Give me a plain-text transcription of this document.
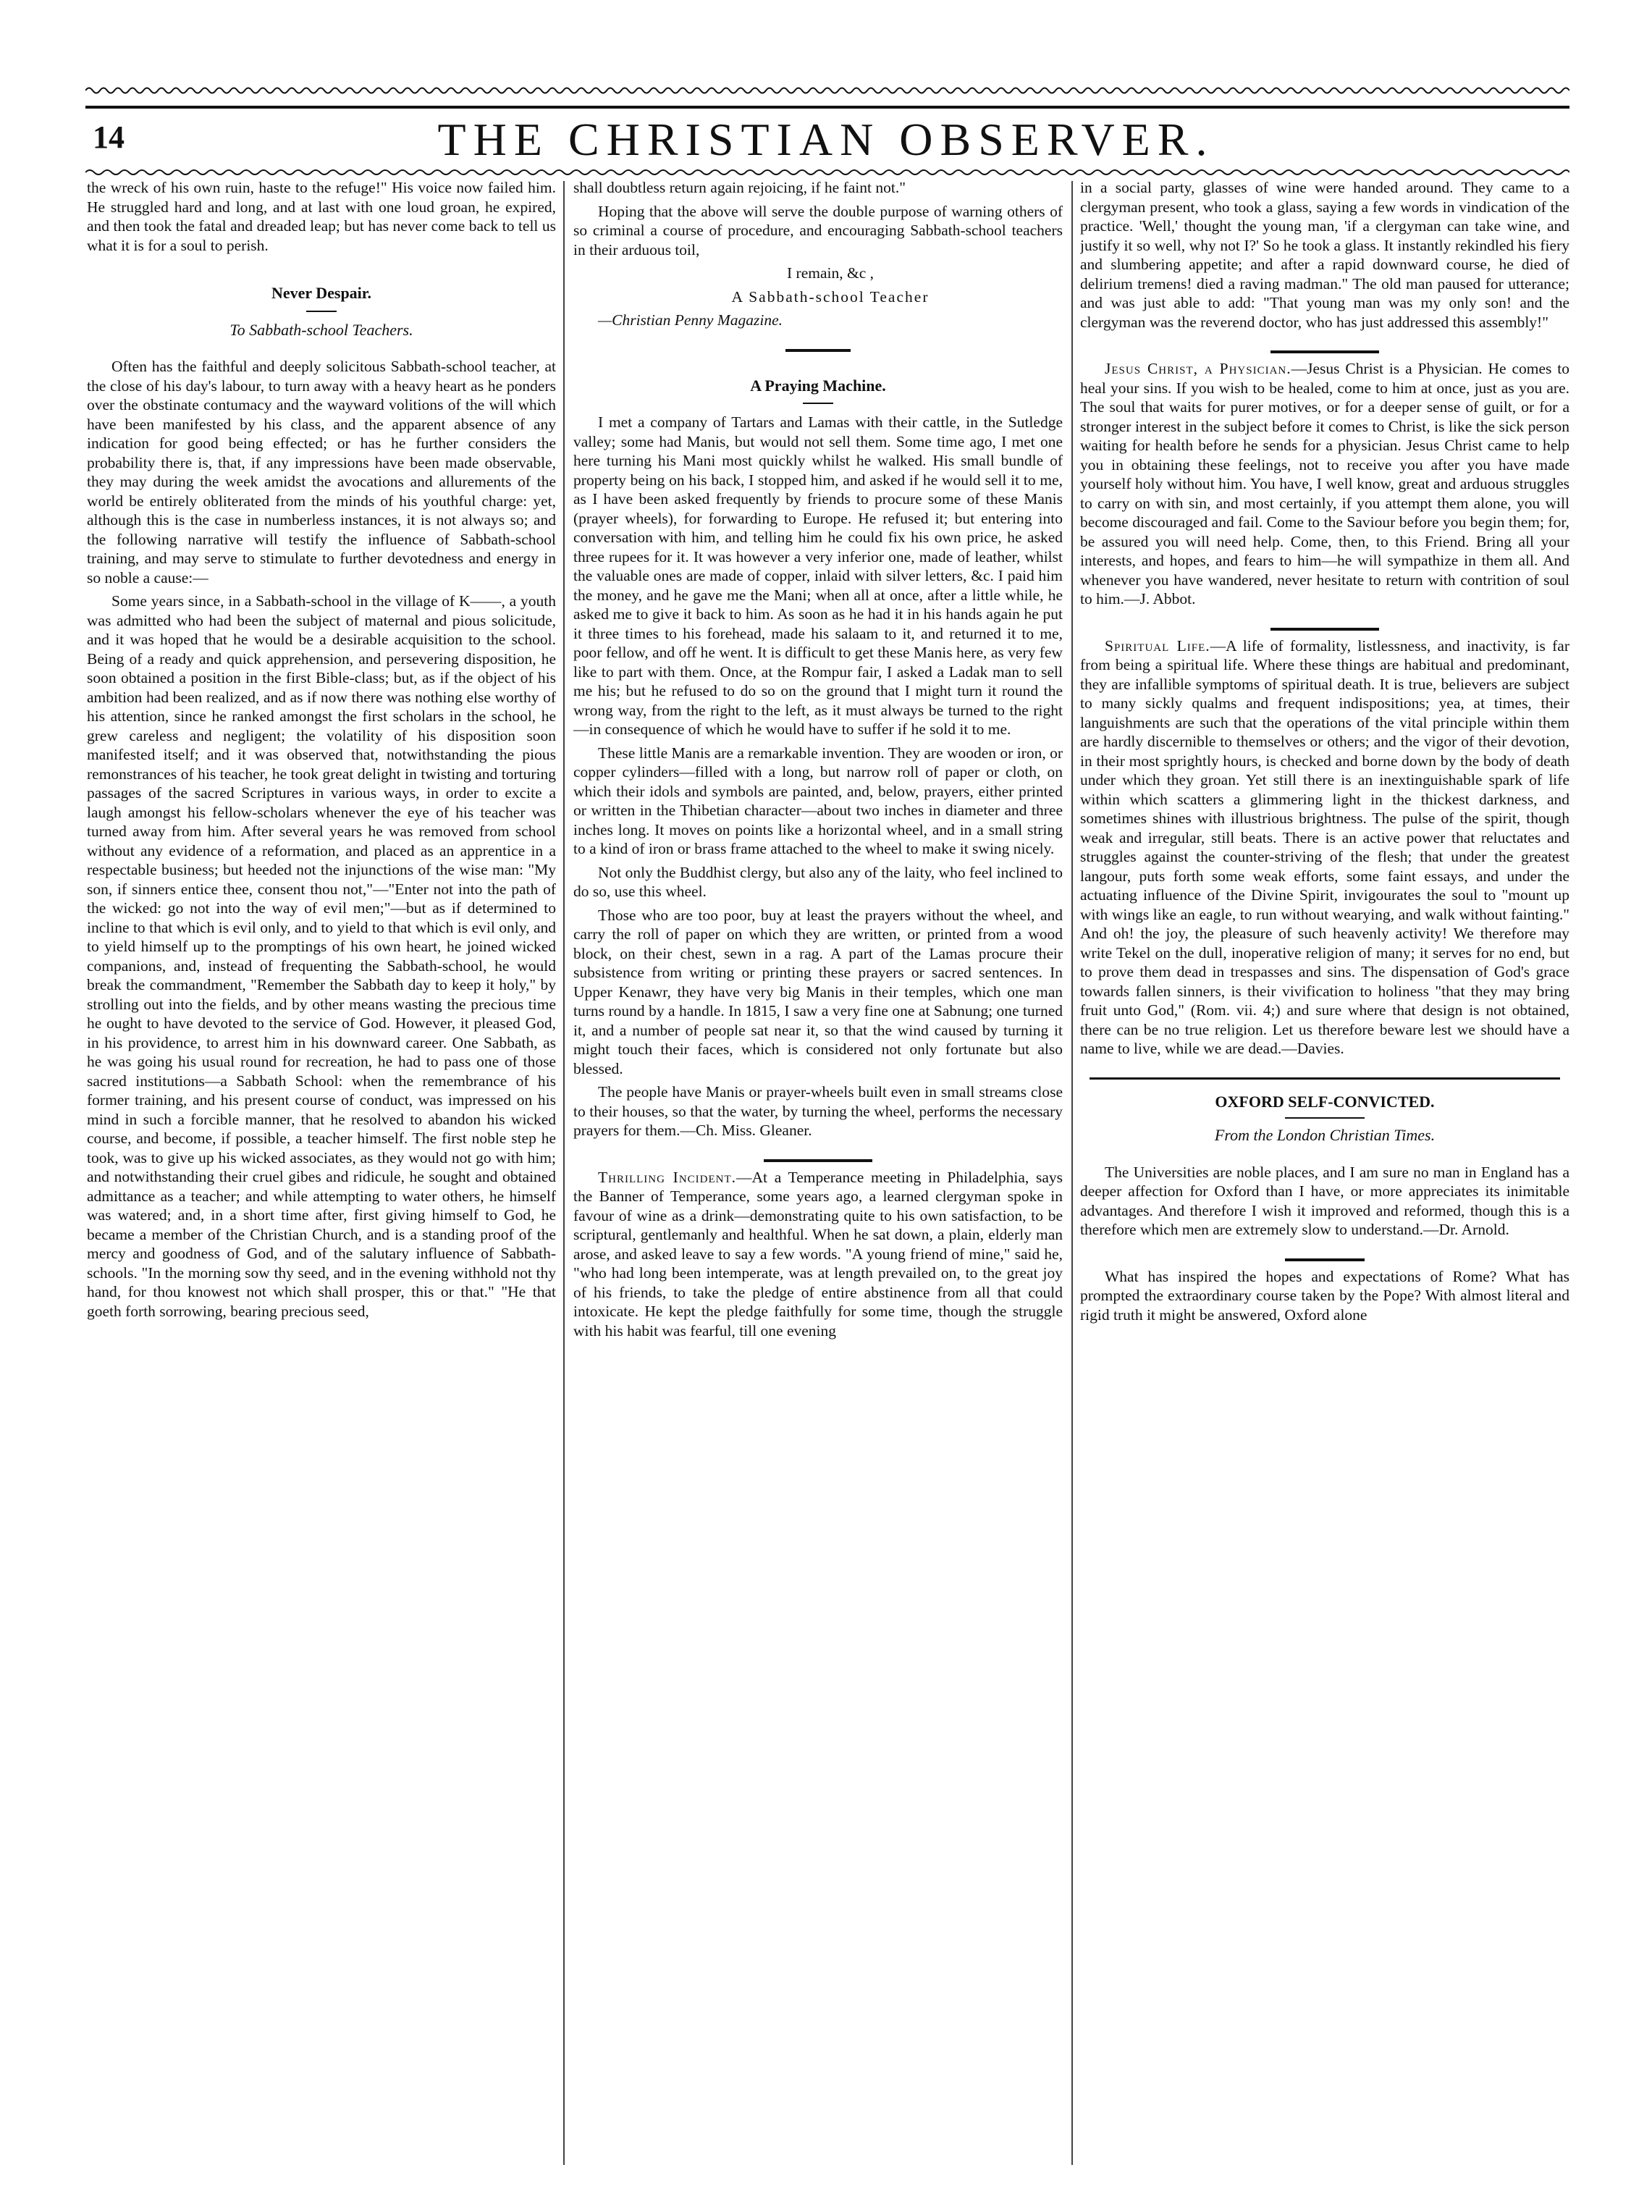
14	THE CHRISTIAN OBSERVER.

the wreck of his own ruin, haste to the refuge!" His voice now failed him. He struggled hard and long, and at last with one loud groan, he expired, and then took the fatal and dreaded leap; but has never come back to tell us what it is for a soul to perish.

Never Despair.
To Sabbath-school Teachers.

Often has the faithful and deeply solicitous Sabbath-school teacher, at the close of his day's labour, to turn away with a heavy heart as he ponders over the obstinate contumacy and the wayward volitions of the will which have been manifested by his class, and the apparent absence of any indication for good being effected; or has he further considers the probability there is, that, if any impressions have been made observable, they may during the week amidst the avocations and allurements of the world be entirely obliterated from the minds of his youthful charge: yet, although this is the case in numberless instances, it is not always so; and the following narrative will testify the influence of Sabbath-school training, and may serve to stimulate to further devotedness and energy in so noble a cause:—

Some years since, in a Sabbath-school in the village of K——, a youth was admitted who had been the subject of maternal and pious solicitude, and it was hoped that he would be a desirable acquisition to the school. Being of a ready and quick apprehension, and persevering disposition, he soon obtained a position in the first Bible-class; but, as if the object of his ambition had been realized, and as if now there was nothing else worthy of his attention, since he ranked amongst the first scholars in the school, he grew careless and negligent; the volatility of his disposition soon manifested itself; and it was observed that, notwithstanding the pious remonstrances of his teacher, he took great delight in twisting and torturing passages of the sacred Scriptures in various ways, in order to excite a laugh amongst his fellow-scholars whenever the eye of his teacher was turned away from him. After several years he was removed from school without any evidence of a reformation, and placed as an apprentice in a respectable business; but heeded not the injunctions of the wise man: "My son, if sinners entice thee, consent thou not,"—"Enter not into the path of the wicked: go not into the way of evil men;"—but as if determined to incline to that which is evil only, and to yield to that which is evil only, and to yield himself up to the promptings of his own heart, he joined wicked companions, and, instead of frequenting the Sabbath-school, he would break the commandment, "Remember the Sabbath day to keep it holy," by strolling out into the fields, and by other means wasting the precious time he ought to have devoted to the service of God. However, it pleased God, in his providence, to arrest him in his downward career. One Sabbath, as he was going his usual round for recreation, he had to pass one of those sacred institutions—a Sabbath School: when the remembrance of his former training, and his present course of conduct, was impressed on his mind in such a forcible manner, that he resolved to abandon his wicked course, and become, if possible, a teacher himself. The first noble step he took, was to give up his wicked associates, as they would not go with him; and notwithstanding their cruel gibes and ridicule, he sought and obtained admittance as a teacher; and while attempting to water others, he himself was watered; and, in a short time after, first giving himself to God, he became a member of the Christian Church, and is a standing proof of the mercy and goodness of God, and of the salutary influence of Sabbath-schools. "In the morning sow thy seed, and in the evening withhold not thy hand, for thou knowest not which shall prosper, this or that." "He that goeth forth sorrowing, bearing precious seed,

shall doubtless return again rejoicing, if he faint not."

Hoping that the above will serve the double purpose of warning others of so criminal a course of procedure, and encouraging Sabbath-school teachers in their arduous toil,

I remain, &c ,

A Sabbath-school Teacher

—Christian Penny Magazine.

A Praying Machine.

I met a company of Tartars and Lamas with their cattle, in the Sutledge valley; some had Manis, but would not sell them. Some time ago, I met one here turning his Mani most quickly whilst he walked. His small bundle of property being on his back, I stopped him, and asked if he would sell it to me, as I have been asked frequently by friends to procure some of these Manis (prayer wheels), for forwarding to Europe. He refused it; but entering into conversation with him, and telling him he could fix his own price, he asked three rupees for it. It was however a very inferior one, made of leather, whilst the valuable ones are made of copper, inlaid with silver letters, &c. I paid him the money, and he gave me the Mani; when all at once, after a little while, he asked me to give it back to him. As soon as he had it in his hands again he put it three times to his forehead, made his salaam to it, and returned it to me, poor fellow, and off he went. It is difficult to get these Manis here, as very few like to part with them. Once, at the Rompur fair, I asked a Ladak man to sell me his; but he refused to do so on the ground that I might turn it round the wrong way, from the right to the left, as it must always be turned to the right—in consequence of which he would have to suffer if he sold it to me.

These little Manis are a remarkable invention. They are wooden or iron, or copper cylinders—filled with a long, but narrow roll of paper or cloth, on which their idols and symbols are painted, and, below, prayers, either printed or written in the Thibetian character—about two inches in diameter and three inches long. It moves on points like a horizontal wheel, and in a small string to a kind of iron or brass frame attached to the wheel to make it swing nicely.

Not only the Buddhist clergy, but also any of the laity, who feel inclined to do so, use this wheel.

Those who are too poor, buy at least the prayers without the wheel, and carry the roll of paper on which they are written, or printed from a wood block, on their chest, sewn in a rag. A part of the Lamas procure their subsistence from writing or printing these prayers or sacred sentences. In Upper Kenawr, they have very big Manis in their temples, which one man turns round by a handle. In 1815, I saw a very fine one at Sabnung; one turned it, and a number of people sat near it, so that the wind caused by turning it might touch their faces, which is considered not only fortunate but also blessed.

The people have Manis or prayer-wheels built even in small streams close to their houses, so that the water, by turning the wheel, performs the necessary prayers for them.—Ch. Miss. Gleaner.

Thrilling Incident.—At a Temperance meeting in Philadelphia, says the Banner of Temperance, some years ago, a learned clergyman spoke in favour of wine as a drink—demonstrating quite to his own satisfaction, to be scriptural, gentlemanly and healthful. When he sat down, a plain, elderly man arose, and asked leave to say a few words. "A young friend of mine," said he, "who had long been intemperate, was at length prevailed on, to the great joy of his friends, to take the pledge of entire abstinence from all that could intoxicate. He kept the pledge faithfully for some time, though the struggle with his habit was fearful, till one evening

in a social party, glasses of wine were handed around. They came to a clergyman present, who took a glass, saying a few words in vindication of the practice. 'Well,' thought the young man, 'if a clergyman can take wine, and justify it so well, why not I?' So he took a glass. It instantly rekindled his fiery and slumbering appetite; and after a rapid downward course, he died of delirium tremens! died a raving madman." The old man paused for utterance; and was just able to add: "That young man was my only son! and the clergyman was the reverend doctor, who has just addressed this assembly!"

Jesus Christ, a Physician.—Jesus Christ is a Physician. He comes to heal your sins. If you wish to be healed, come to him at once, just as you are. The soul that waits for purer motives, or for a deeper sense of guilt, or for a stronger interest in the subject before it comes to Christ, is like the sick person waiting for health before he sends for a physician. Jesus Christ came to help you in obtaining these feelings, not to receive you after you have made yourself holy without him. You have, I well know, great and arduous struggles to carry on with sin, and most certainly, if you attempt them alone, you will become discouraged and fail. Come to the Saviour before you begin them; for, be assured you will need help. Come, then, to this Friend. Bring all your interests, and hopes, and fears to him—he will sympathize in them all. And whenever you have wandered, never hesitate to return with contrition of soul to him.—J. Abbot.

Spiritual Life.—A life of formality, listlessness, and inactivity, is far from being a spiritual life. Where these things are habitual and predominant, they are infallible symptoms of spiritual death. It is true, believers are subject to many sickly qualms and frequent indispositions; yea, at times, their languishments are such that the operations of the vital principle within them are hardly discernible to themselves or others; and the vigor of their devotion, in their most sprightly hours, is checked and borne down by the body of death under which they groan. Yet still there is an inextinguishable spark of life within which scatters a glimmering light in the thickest darkness, and sometimes shines with illustrious brightness. The pulse of the spirit, though weak and irregular, still beats. There is an active power that reluctates and struggles against the counter-striving of the flesh; that under the greatest langour, puts forth some weak efforts, some faint essays, and under the actuating influence of the Divine Spirit, invigourates the soul to "mount up with wings like an eagle, to run without wearying, and walk without fainting." And oh! the joy, the pleasure of such heavenly activity! We therefore may write Tekel on the dull, inoperative religion of many; it serves for no end, but to prove them dead in trespasses and sins. The dispensation of God's grace towards fallen sinners, is their vivification to holiness "that they may bring fruit unto God," (Rom. vii. 4;) and sure where that design is not obtained, there can be no true religion. Let us therefore beware lest we should have a name to live, while we are dead.—Davies.

OXFORD SELF-CONVICTED.
From the London Christian Times.

The Universities are noble places, and I am sure no man in England has a deeper affection for Oxford than I have, or more appreciates its inimitable advantages. And therefore I wish it improved and reformed, though this is a therefore which men are extremely slow to understand.—Dr. Arnold.

What has inspired the hopes and expectations of Rome? What has prompted the extraordinary course taken by the Pope? With almost literal and rigid truth it might be answered, Oxford alone
